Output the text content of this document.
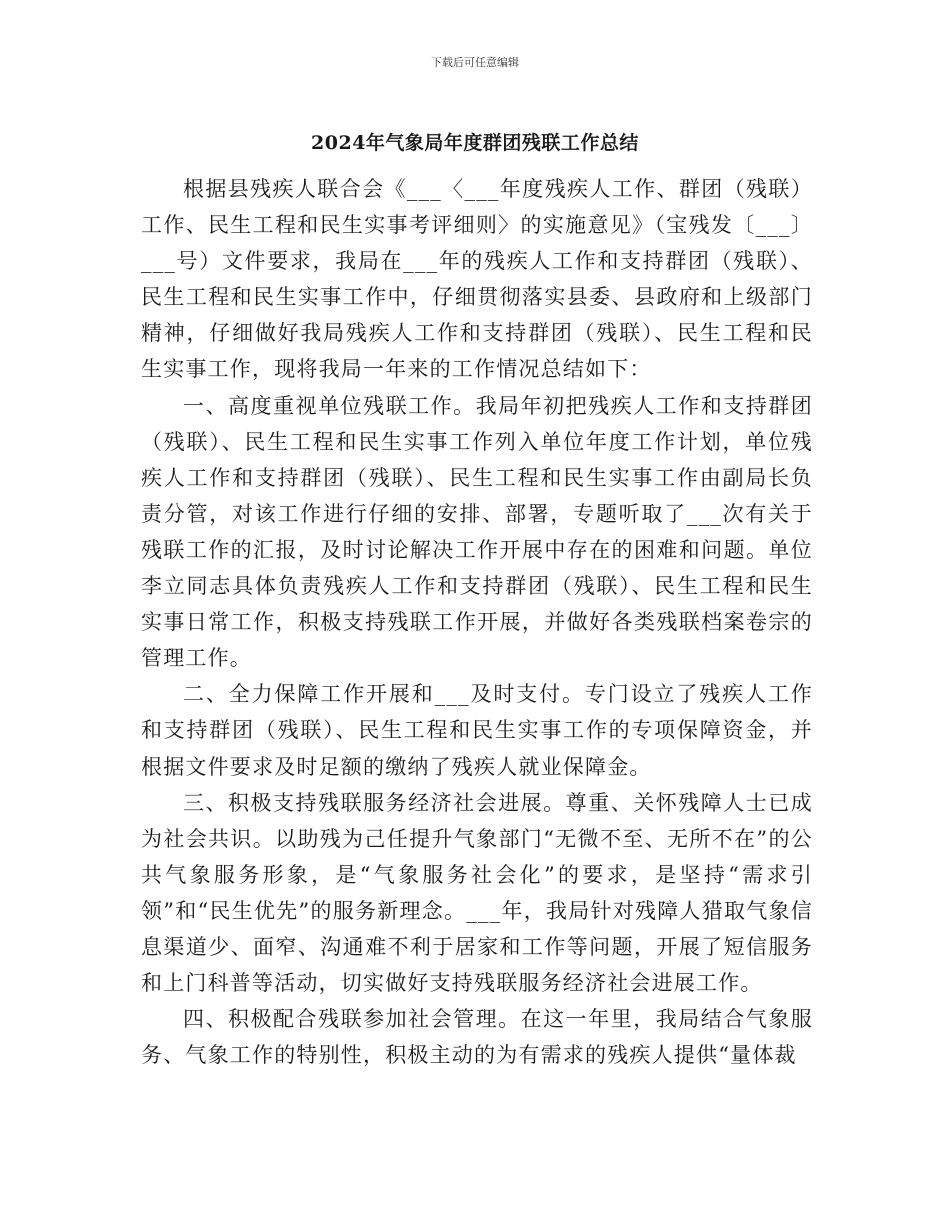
下载后可任意编辑
2024年气象局年度群团残联工作总结

根据县残疾人联合会《___〈___年度残疾人工作、群团（残联）工作、民生工程和民生实事考评细则〉的实施意见》（宝残发〔___〕___号）文件要求，我局在___年的残疾人工作和支持群团（残联）、民生工程和民生实事工作中，仔细贯彻落实县委、县政府和上级部门精神，仔细做好我局残疾人工作和支持群团（残联）、民生工程和民生实事工作，现将我局一年来的工作情况总结如下：

一、高度重视单位残联工作。我局年初把残疾人工作和支持群团（残联）、民生工程和民生实事工作列入单位年度工作计划，单位残疾人工作和支持群团（残联）、民生工程和民生实事工作由副局长负责分管，对该工作进行仔细的安排、部署，专题听取了___次有关于残联工作的汇报，及时讨论解决工作开展中存在的困难和问题。单位李立同志具体负责残疾人工作和支持群团（残联）、民生工程和民生实事日常工作，积极支持残联工作开展，并做好各类残联档案卷宗的管理工作。

二、全力保障工作开展和___及时支付。专门设立了残疾人工作和支持群团（残联）、民生工程和民生实事工作的专项保障资金，并根据文件要求及时足额的缴纳了残疾人就业保障金。

三、积极支持残联服务经济社会进展。尊重、关怀残障人士已成为社会共识。以助残为己任提升气象部门“无微不至、无所不在”的公共气象服务形象，是“气象服务社会化”的要求，是坚持“需求引领”和“民生优先”的服务新理念。___年，我局针对残障人猎取气象信息渠道少、面窄、沟通难不利于居家和工作等问题，开展了短信服务和上门科普等活动，切实做好支持残联服务经济社会进展工作。

四、积极配合残联参加社会管理。在这一年里，我局结合气象服务、气象工作的特别性，积极主动的为有需求的残疾人提供“量体裁
